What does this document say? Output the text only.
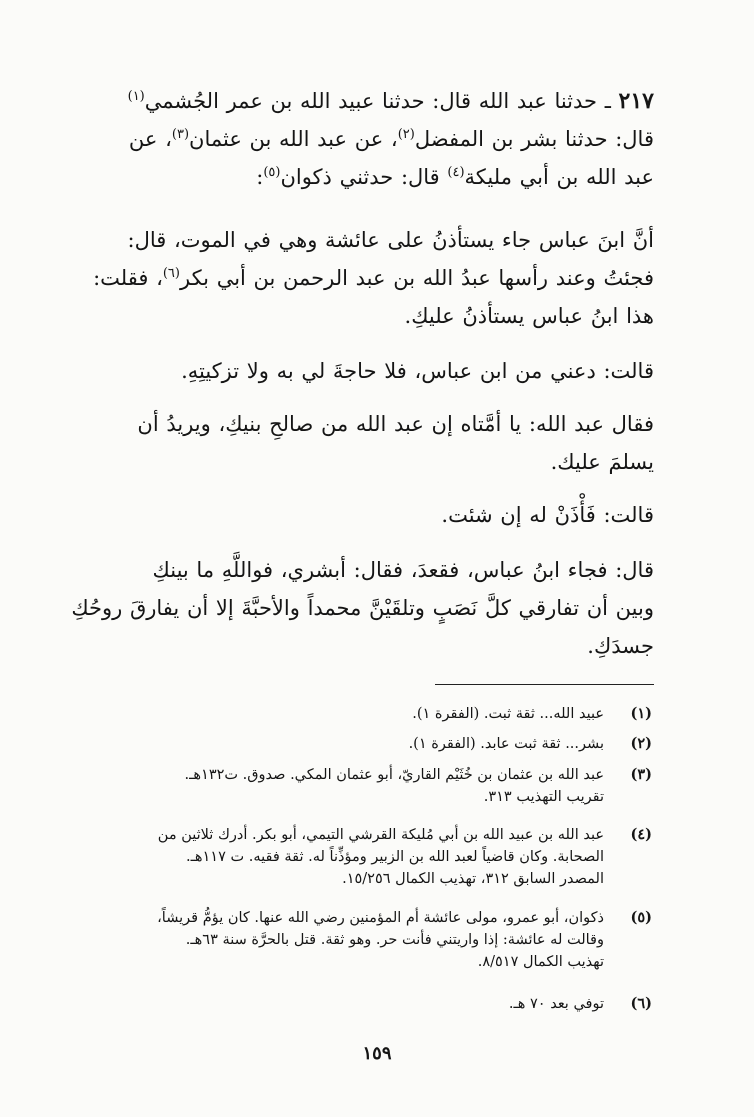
٢١٧ ـ حدثنا عبد الله قال: حدثنا عبيد الله بن عمر الجُشمي$^{(١)}$
قال: حدثنا بشر بن المفضل$^{(٢)}$، عن عبد الله بن عثمان$^{(٣)}$، عن
عبد الله بن أبي مليكة$^{(٤)}$ قال: حدثني ذكوان$^{(٥)}$:
أنَّ ابنَ عباس جاء يستأذنُ على عائشة وهي في الموت، قال:
فجئتُ وعند رأسها عبدُ الله بن عبد الرحمن بن أبي بكر$^{(٦)}$، فقلت:
هذا ابنُ عباس يستأذنُ عليكِ.
قالت: دعني من ابن عباس، فلا حاجةَ لي به ولا تزكيتِهِ.
فقال عبد الله: يا أمَّتاه إن عبد الله من صالحِ بنيكِ، ويريدُ أن
يسلمَ عليك.
قالت: فَأْذَنْ له إن شئت.
قال: فجاء ابنُ عباس، فقعدَ، فقال: أبشري، فواللَّهِ ما بينكِ
وبين أن تفارقي كلَّ نَصَبٍ وتلقَيْنَّ محمداً والأحبَّةَ إلا أن يفارقَ روحُكِ
جسدَكِ.
(١)
عبيد الله... ثقة ثبت. (الفقرة ١).
(٢)
بشر... ثقة ثبت عابد. (الفقرة ١).
(٣)
عبد الله بن عثمان بن خُثَيْم القاريّ، أبو عثمان المكي. صدوق. ت١٣٢هـ.
تقريب التهذيب ٣١٣.
(٤)
عبد الله بن عبيد الله بن أبي مُليكة القرشي التيمي، أبو بكر. أدرك ثلاثين من
الصحابة. وكان قاضياً لعبد الله بن الزبير ومؤذِّناً له. ثقة فقيه. ت ١١٧هـ.
المصدر السابق ٣١٢، تهذيب الكمال ١٥/٢٥٦.
(٥)
ذكوان، أبو عمرو، مولى عائشة أم المؤمنين رضي الله عنها. كان يؤمُّ قريشاً،
وقالت له عائشة: إذا واريتني فأنت حر. وهو ثقة. قتل بالحرَّة سنة ٦٣هـ.
تهذيب الكمال ٨/٥١٧.
(٦)
توفي بعد ٧٠ هـ.
١٥٩
